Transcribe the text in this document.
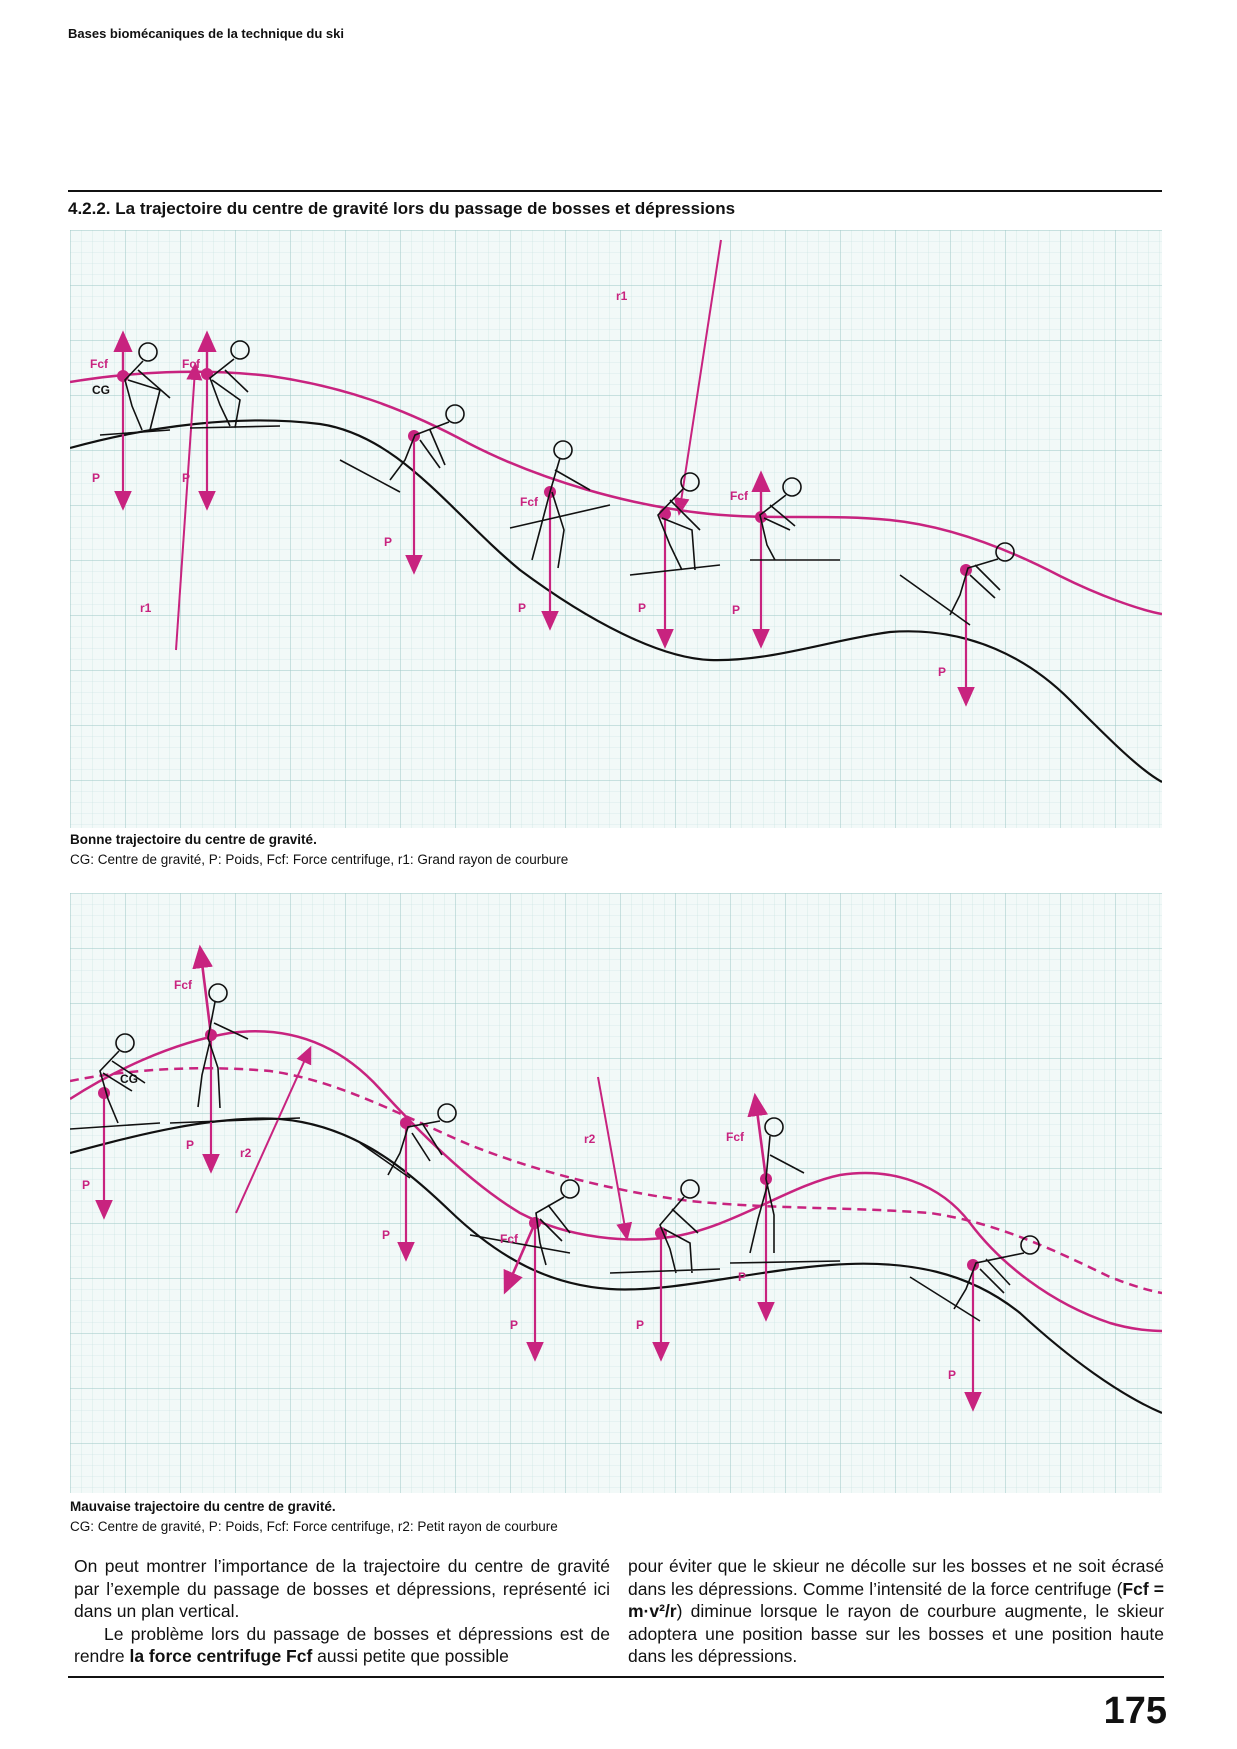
Bases biomécaniques de la technique du ski
4.2.2. La trajectoire du centre de gravité lors du passage de bosses et dépressions
CG
Fcf	Fcf
Fcf	Fcf
P	P
P
P	P	P
P
r1
r1
Bonne trajectoire du centre de gravité.
CG: Centre de gravité, P: Poids, Fcf: Force centrifuge, r1: Grand rayon de courbure
CG
Fcf
Fcf
Fcf
P
P
P
P	P
P
P
r2
r2
Mauvaise trajectoire du centre de gravité.
CG: Centre de gravité, P: Poids, Fcf: Force centrifuge, r2: Petit rayon de courbure

On peut montrer l’importance de la trajectoire du centre de gravité par l’exemple du passage de bosses et dépressions, représenté ici dans un plan vertical.

Le problème lors du passage de bosses et dépressions est de rendre la force centrifuge Fcf aussi petite que possible

pour éviter que le skieur ne décolle sur les bosses et ne soit écrasé dans les dépressions. Comme l’intensité de la force centrifuge (Fcf = m·v²/r) diminue lorsque le rayon de courbure augmente, le skieur adoptera une position basse sur les bosses et une position haute dans les dépressions.

175
